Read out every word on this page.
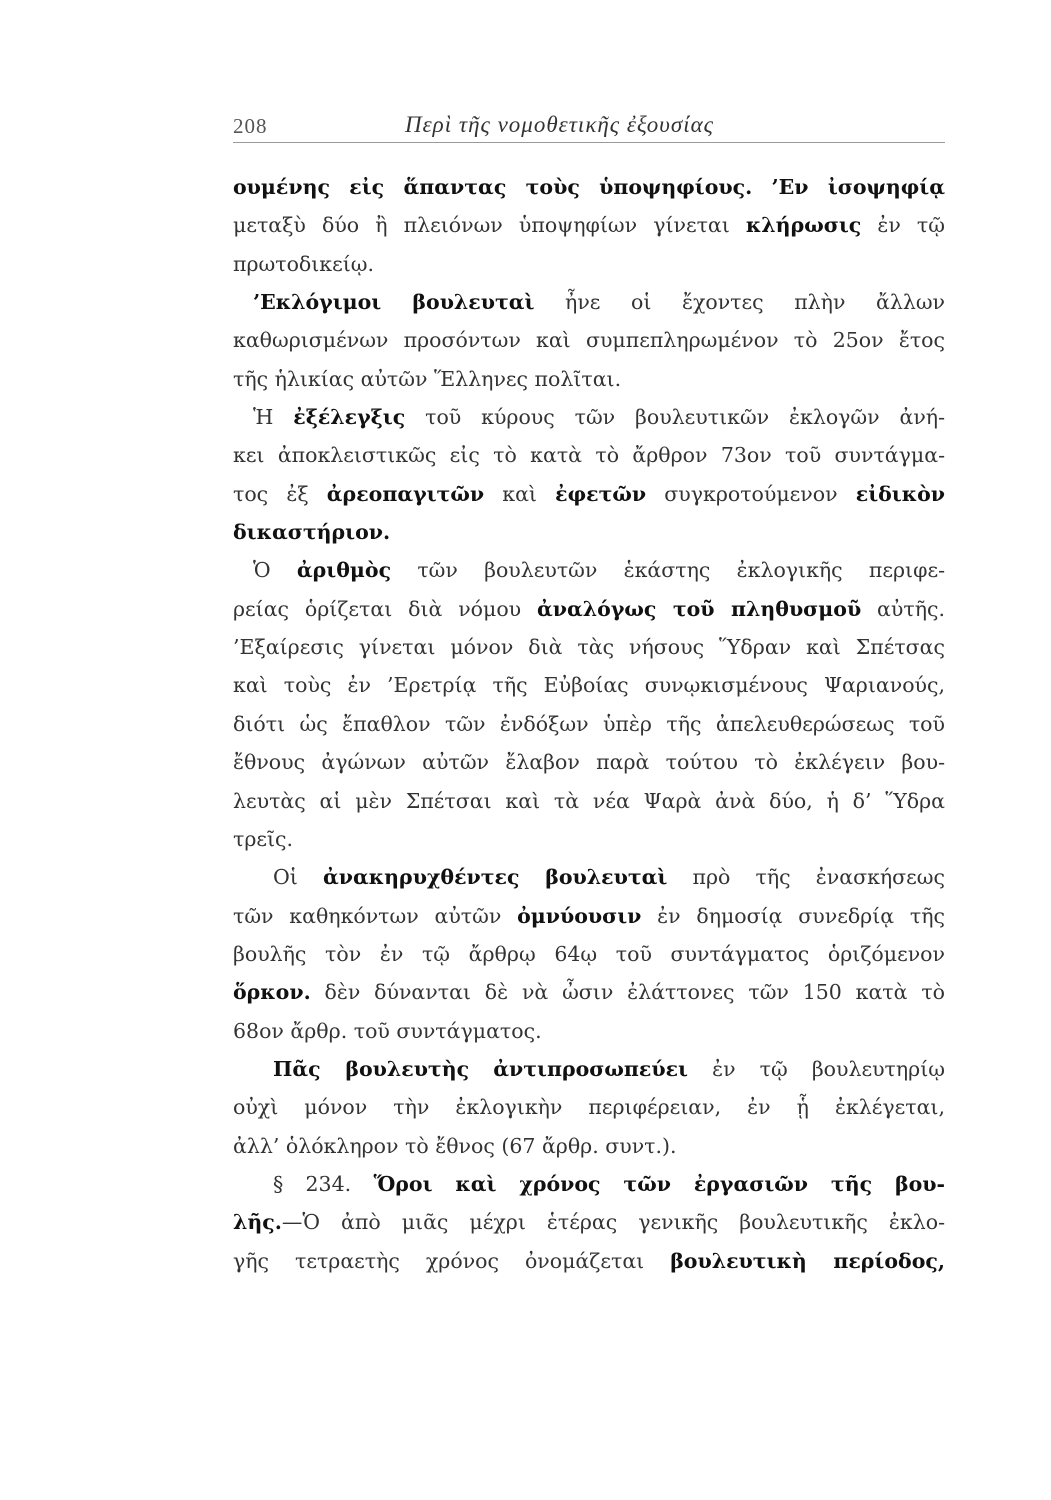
208	Περὶ τῆς νομοθετικῆς ἐξουσίας
ουμένης εἰς ἅπαντας τοὺς ὑποψηφίους. ’Εν ἰσοψηφίᾳ
μεταξὺ δύο ἢ πλειόνων ὑποψηφίων γίνεται κλήρωσις ἐν τῷ
πρωτοδικείῳ.
’Εκλόγιμοι βουλευταὶ ἦνε οἱ ἔχοντες πλὴν ἄλλων
καθωρισμένων προσόντων καὶ συμπεπληρωμένον τὸ 25ον ἔτος
τῆς ἡλικίας αὐτῶν Ἕλληνες πολῖται.
Ἡ ἐξέλεγξις τοῦ κύρους τῶν βουλευτικῶν ἐκλογῶν ἀνή-
κει ἀποκλειστικῶς εἰς τὸ κατὰ τὸ ἄρθρον 73ον τοῦ συντάγμα-
τος ἐξ ἀρεοπαγιτῶν καὶ ἐφετῶν συγκροτούμενον εἰδικὸν
δικαστήριον.
Ὁ ἀριθμὸς τῶν βουλευτῶν ἑκάστης ἐκλογικῆς περιφε-
ρείας ὁρίζεται διὰ νόμου ἀναλόγως τοῦ πληθυσμοῦ αὐτῆς.
’Εξαίρεσις γίνεται μόνον διὰ τὰς νήσους Ὕδραν καὶ Σπέτσας
καὶ τοὺς ἐν ’Ερετρίᾳ τῆς Εὐβοίας συνῳκισμένους Ψαριανούς,
διότι ὡς ἔπαθλον τῶν ἐνδόξων ὑπὲρ τῆς ἀπελευθερώσεως τοῦ
ἔθνους ἀγώνων αὐτῶν ἔλαβον παρὰ τούτου τὸ ἐκλέγειν βου-
λευτὰς αἱ μὲν Σπέτσαι καὶ τὰ νέα Ψαρὰ ἀνὰ δύο, ἡ δ’ Ὕδρα
τρεῖς.
Οἱ ἀνακηρυχθέντες βουλευταὶ πρὸ τῆς ἐνασκήσεως
τῶν καθηκόντων αὐτῶν ὀμνύουσιν ἐν δημοσίᾳ συνεδρίᾳ τῆς
βουλῆς τὸν ἐν τῷ ἄρθρῳ 64ῳ τοῦ συντάγματος ὁριζόμενον
ὅρκον. δὲν δύνανται δὲ νὰ ὦσιν ἐλάττονες τῶν 150 κατὰ τὸ
68ον ἄρθρ. τοῦ συντάγματος.
Πᾶς βουλευτὴς ἀντιπροσωπεύει ἐν τῷ βουλευτηρίῳ
οὐχὶ μόνον τὴν ἐκλογικὴν περιφέρειαν, ἐν ᾗ ἐκλέγεται,
ἀλλ’ ὁλόκληρον τὸ ἔθνος (67 ἄρθρ. συντ.).
§ 234. Ὅροι καὶ χρόνος τῶν ἐργασιῶν τῆς βου-
λῆς.—Ὁ ἀπὸ μιᾶς μέχρι ἑτέρας γενικῆς βουλευτικῆς ἐκλο-
γῆς τετραετὴς χρόνος ὀνομάζεται βουλευτικὴ περίοδος,
